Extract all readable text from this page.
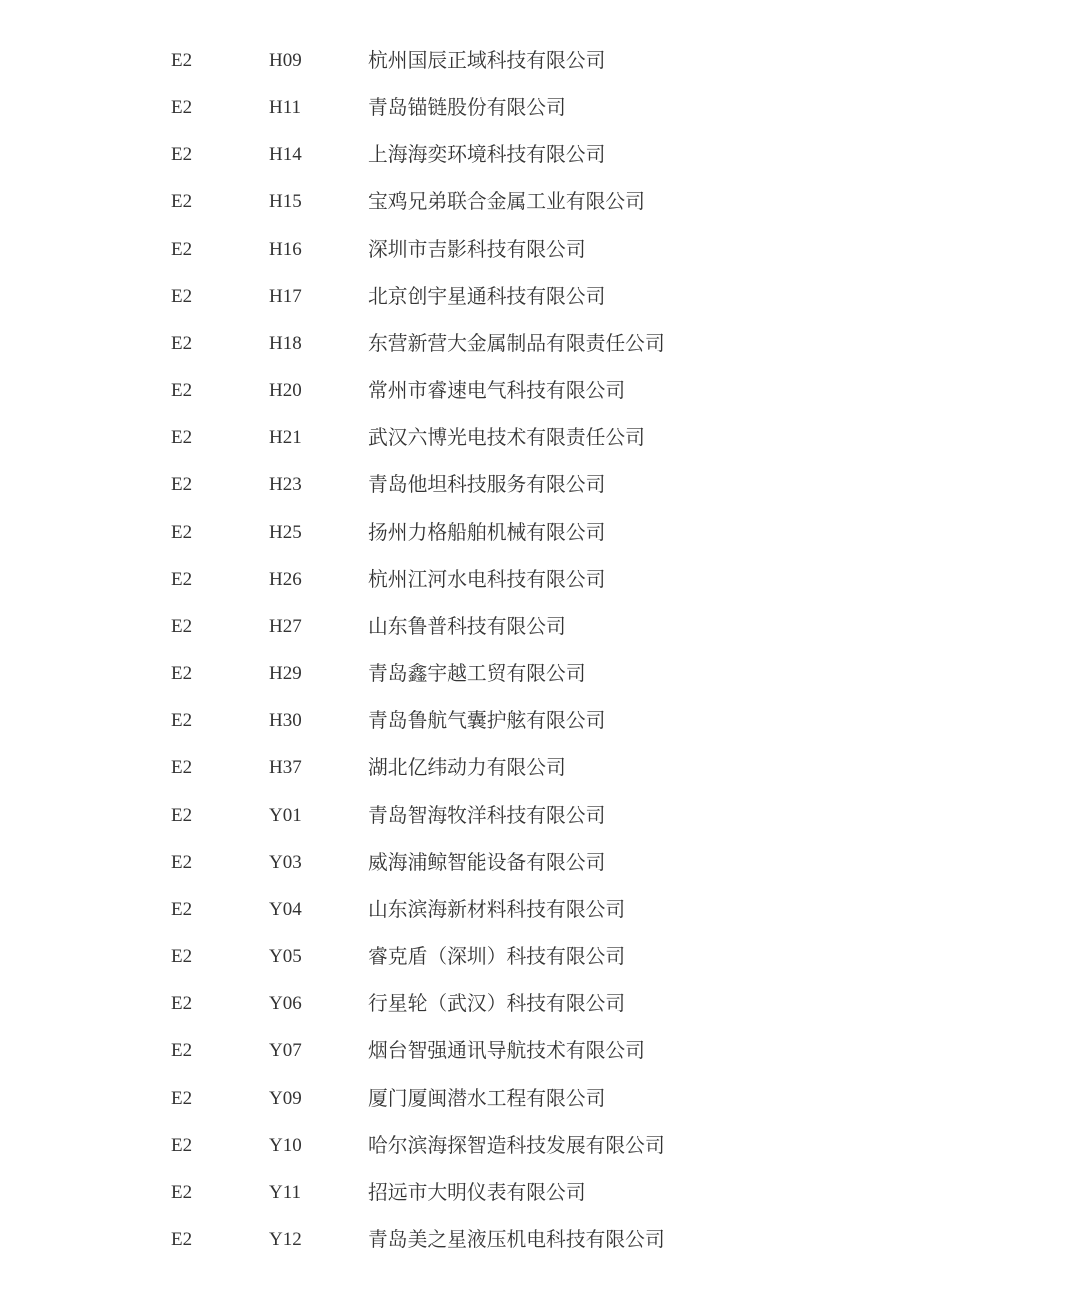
E2	H09	杭州国辰正域科技有限公司
E2	H11	青岛锚链股份有限公司
E2	H14	上海海奕环境科技有限公司
E2	H15	宝鸡兄弟联合金属工业有限公司
E2	H16	深圳市吉影科技有限公司
E2	H17	北京创宇星通科技有限公司
E2	H18	东营新营大金属制品有限责任公司
E2	H20	常州市睿速电气科技有限公司
E2	H21	武汉六博光电技术有限责任公司
E2	H23	青岛他坦科技服务有限公司
E2	H25	扬州力格船舶机械有限公司
E2	H26	杭州江河水电科技有限公司
E2	H27	山东鲁普科技有限公司
E2	H29	青岛鑫宇越工贸有限公司
E2	H30	青岛鲁航气囊护舷有限公司
E2	H37	湖北亿纬动力有限公司
E2	Y01	青岛智海牧洋科技有限公司
E2	Y03	威海浦鲸智能设备有限公司
E2	Y04	山东滨海新材料科技有限公司
E2	Y05	睿克盾（深圳）科技有限公司
E2	Y06	行星轮（武汉）科技有限公司
E2	Y07	烟台智强通讯导航技术有限公司
E2	Y09	厦门厦闽潜水工程有限公司
E2	Y10	哈尔滨海探智造科技发展有限公司
E2	Y11	招远市大明仪表有限公司
E2	Y12	青岛美之星液压机电科技有限公司
